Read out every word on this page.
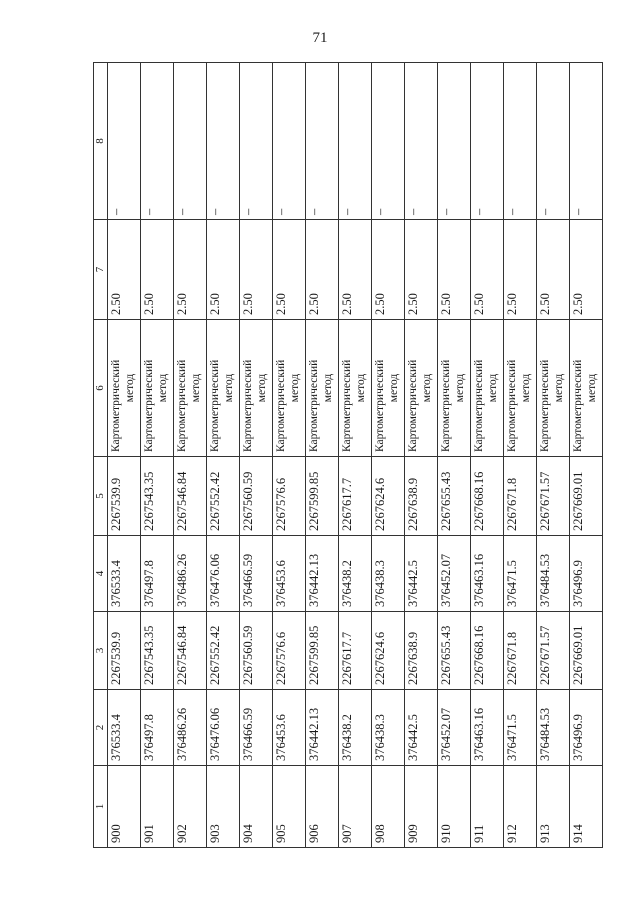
71
1	2	3	4	5	6	7	8
900	376533.4	2267539.9	376533.4	2267539.9	Картометрический метод	2.50	–
901	376497.8	2267543.35	376497.8	2267543.35	Картометрический метод	2.50	–
902	376486.26	2267546.84	376486.26	2267546.84	Картометрический метод	2.50	–
903	376476.06	2267552.42	376476.06	2267552.42	Картометрический метод	2.50	–
904	376466.59	2267560.59	376466.59	2267560.59	Картометрический метод	2.50	–
905	376453.6	2267576.6	376453.6	2267576.6	Картометрический метод	2.50	–
906	376442.13	2267599.85	376442.13	2267599.85	Картометрический метод	2.50	–
907	376438.2	2267617.7	376438.2	2267617.7	Картометрический метод	2.50	–
908	376438.3	2267624.6	376438.3	2267624.6	Картометрический метод	2.50	–
909	376442.5	2267638.9	376442.5	2267638.9	Картометрический метод	2.50	–
910	376452.07	2267655.43	376452.07	2267655.43	Картометрический метод	2.50	–
911	376463.16	2267668.16	376463.16	2267668.16	Картометрический метод	2.50	–
912	376471.5	2267671.8	376471.5	2267671.8	Картометрический метод	2.50	–
913	376484.53	2267671.57	376484.53	2267671.57	Картометрический метод	2.50	–
914	376496.9	2267669.01	376496.9	2267669.01	Картометрический метод	2.50	–
